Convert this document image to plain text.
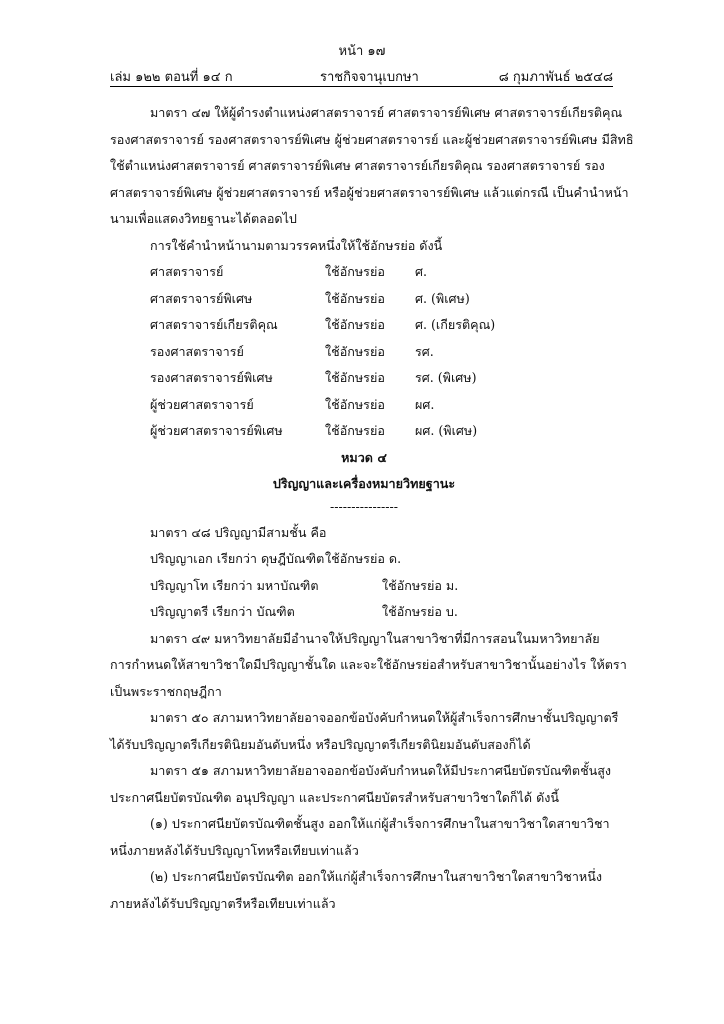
หน้า ๑๗
เล่ม ๑๒๒ ตอนที่ ๑๔ ก	ราชกิจจานุเบกษา	๘ กุมภาพันธ์ ๒๕๔๘

มาตรา ๔๗ ให้ผู้ดำรงตำแหน่งศาสตราจารย์ ศาสตราจารย์พิเศษ ศาสตราจารย์เกียรติคุณ

รองศาสตราจารย์ รองศาสตราจารย์พิเศษ ผู้ช่วยศาสตราจารย์ และผู้ช่วยศาสตราจารย์พิเศษ มีสิทธิ

ใช้ตำแหน่งศาสตราจารย์ ศาสตราจารย์พิเศษ ศาสตราจารย์เกียรติคุณ รองศาสตราจารย์ รอง

ศาสตราจารย์พิเศษ ผู้ช่วยศาสตราจารย์ หรือผู้ช่วยศาสตราจารย์พิเศษ แล้วแต่กรณี เป็นคำนำหน้า

นามเพื่อแสดงวิทยฐานะได้ตลอดไป

การใช้คำนำหน้านามตามวรรคหนึ่งให้ใช้อักษรย่อ ดังนี้

ศาสตราจารย์	ใช้อักษรย่อ ศ.
ศาสตราจารย์พิเศษ	ใช้อักษรย่อ ศ. (พิเศษ)
ศาสตราจารย์เกียรติคุณ	ใช้อักษรย่อ ศ. (เกียรติคุณ)
รองศาสตราจารย์	ใช้อักษรย่อ รศ.
รองศาสตราจารย์พิเศษ	ใช้อักษรย่อ รศ. (พิเศษ)
ผู้ช่วยศาสตราจารย์	ใช้อักษรย่อ ผศ.
ผู้ช่วยศาสตราจารย์พิเศษ	ใช้อักษรย่อ ผศ. (พิเศษ)

หมวด ๔

ปริญญาและเครื่องหมายวิทยฐานะ

----------------

มาตรา ๔๘ ปริญญามีสามชั้น คือ

ปริญญาเอก เรียกว่า ดุษฎีบัณฑิต ใช้อักษรย่อ ด.
ปริญญาโท เรียกว่า มหาบัณฑิต	ใช้อักษรย่อ ม.
ปริญญาตรี เรียกว่า บัณฑิต	ใช้อักษรย่อ บ.

มาตรา ๔๙ มหาวิทยาลัยมีอำนาจให้ปริญญาในสาขาวิชาที่มีการสอนในมหาวิทยาลัย

การกำหนดให้สาขาวิชาใดมีปริญญาชั้นใด และจะใช้อักษรย่อสำหรับสาขาวิชานั้นอย่างไร ให้ตรา

เป็นพระราชกฤษฎีกา

มาตรา ๕๐ สภามหาวิทยาลัยอาจออกข้อบังคับกำหนดให้ผู้สำเร็จการศึกษาชั้นปริญญาตรี

ได้รับปริญญาตรีเกียรตินิยมอันดับหนึ่ง หรือปริญญาตรีเกียรตินิยมอันดับสองก็ได้

มาตรา ๕๑ สภามหาวิทยาลัยอาจออกข้อบังคับกำหนดให้มีประกาศนียบัตรบัณฑิตชั้นสูง

ประกาศนียบัตรบัณฑิต อนุปริญญา และประกาศนียบัตรสำหรับสาขาวิชาใดก็ได้ ดังนี้

(๑) ประกาศนียบัตรบัณฑิตชั้นสูง ออกให้แก่ผู้สำเร็จการศึกษาในสาขาวิชาใดสาขาวิชา

หนึ่งภายหลังได้รับปริญญาโทหรือเทียบเท่าแล้ว

(๒) ประกาศนียบัตรบัณฑิต ออกให้แก่ผู้สำเร็จการศึกษาในสาขาวิชาใดสาขาวิชาหนึ่ง

ภายหลังได้รับปริญญาตรีหรือเทียบเท่าแล้ว
